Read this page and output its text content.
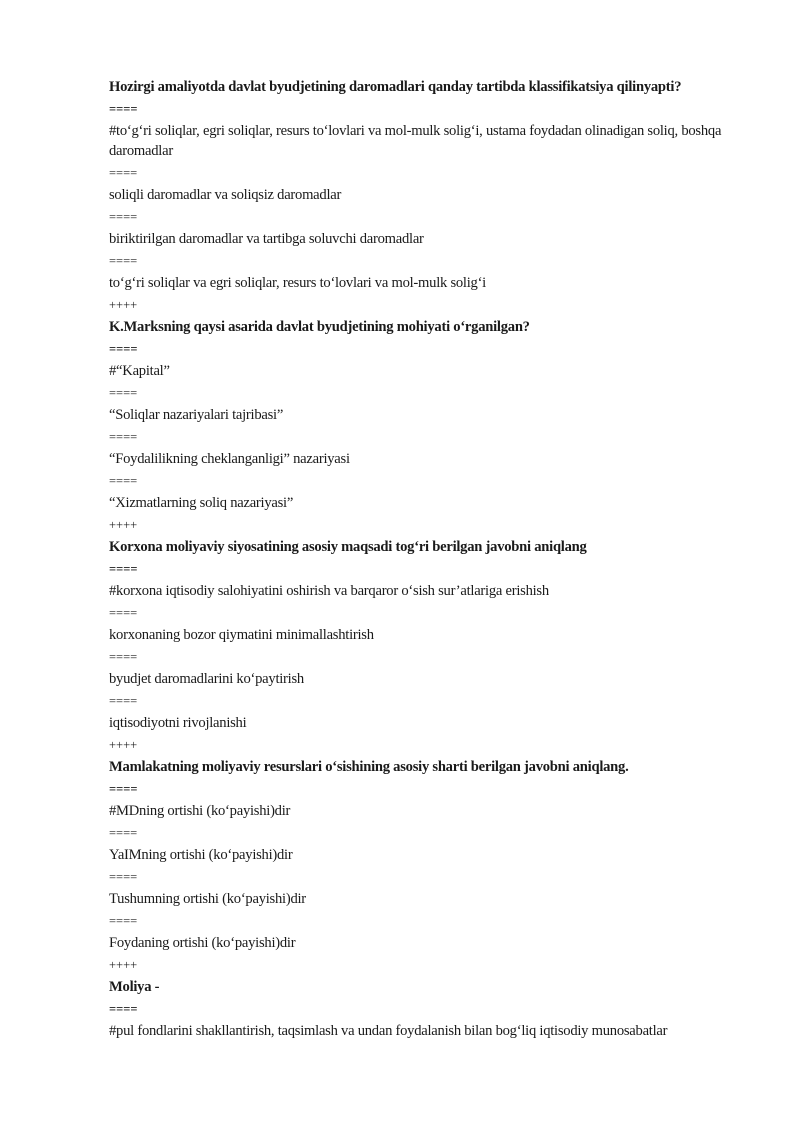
Hozirgi amaliyotda davlat byudjetining daromadlari qanday tartibda klassifikatsiya qilinyapti?
====
#to‘g‘ri soliqlar, egri soliqlar, resurs to‘lovlari va mol-mulk solig‘i, ustama foydadan olinadigan soliq, boshqa daromadlar
====
soliqli daromadlar va soliqsiz daromadlar
====
biriktirilgan daromadlar va tartibga soluvchi daromadlar
====
to‘g‘ri soliqlar va egri soliqlar, resurs to‘lovlari va mol-mulk solig‘i
++++
K.Marksning qaysi asarida davlat byudjetining mohiyati o‘rganilgan?
====
#“Kapital”
====
“Soliqlar nazariyalari tajribasi”
====
“Foydalilikning cheklanganligi” nazariyasi
====
“Xizmatlarning soliq nazariyasi”
++++
Korxona moliyaviy siyosatining asosiy maqsadi tog‘ri berilgan javobni aniqlang
====
#korxona iqtisodiy salohiyatini oshirish va barqaror o‘sish sur’atlariga erishish
====
korxonaning bozor qiymatini minimallashtirish
====
byudjet daromadlarini ko‘paytirish
====
iqtisodiyotni rivojlanishi
++++
Mamlakatning moliyaviy resurslari o‘sishining asosiy sharti berilgan javobni aniqlang.
====
#MDning ortishi (ko‘payishi)dir
====
YaIMning ortishi (ko‘payishi)dir
====
Tushumning ortishi (ko‘payishi)dir
====
Foydaning ortishi (ko‘payishi)dir
++++
Moliya -
====
#pul fondlarini shakllantirish, taqsimlash va undan foydalanish bilan bog‘liq iqtisodiy munosabatlar
